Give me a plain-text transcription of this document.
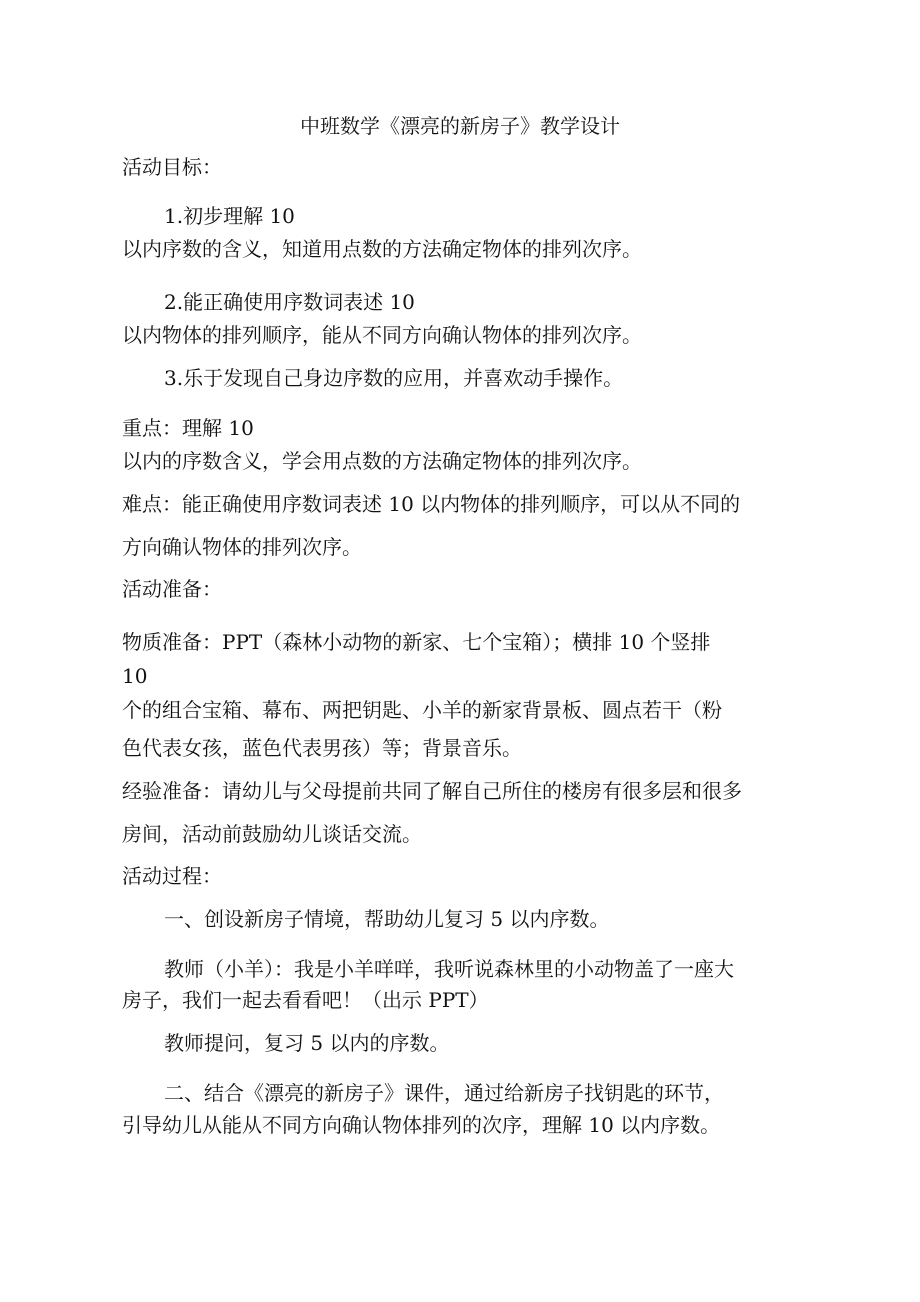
中班数学《漂亮的新房子》教学设计
活动目标：
1.初步理解 10
以内序数的含义，知道用点数的方法确定物体的排列次序。
2.能正确使用序数词表述 10
以内物体的排列顺序，能从不同方向确认物体的排列次序。
3.乐于发现自己身边序数的应用，并喜欢动手操作。
重点：理解 10
以内的序数含义，学会用点数的方法确定物体的排列次序。
难点：能正确使用序数词表述 10 以内物体的排列顺序，可以从不同的
方向确认物体的排列次序。
活动准备：
物质准备：PPT（森林小动物的新家、七个宝箱）；横排 10 个竖排
10
个的组合宝箱、幕布、两把钥匙、小羊的新家背景板、圆点若干（粉
色代表女孩，蓝色代表男孩）等；背景音乐。
经验准备：请幼儿与父母提前共同了解自己所住的楼房有很多层和很多
房间，活动前鼓励幼儿谈话交流。
活动过程：
一、创设新房子情境，帮助幼儿复习 5 以内序数。
教师（小羊）：我是小羊咩咩，我听说森林里的小动物盖了一座大
房子，我们一起去看看吧！（出示 PPT）
教师提问，复习 5 以内的序数。
二、结合《漂亮的新房子》课件，通过给新房子找钥匙的环节，
引导幼儿从能从不同方向确认物体排列的次序，理解 10 以内序数。
